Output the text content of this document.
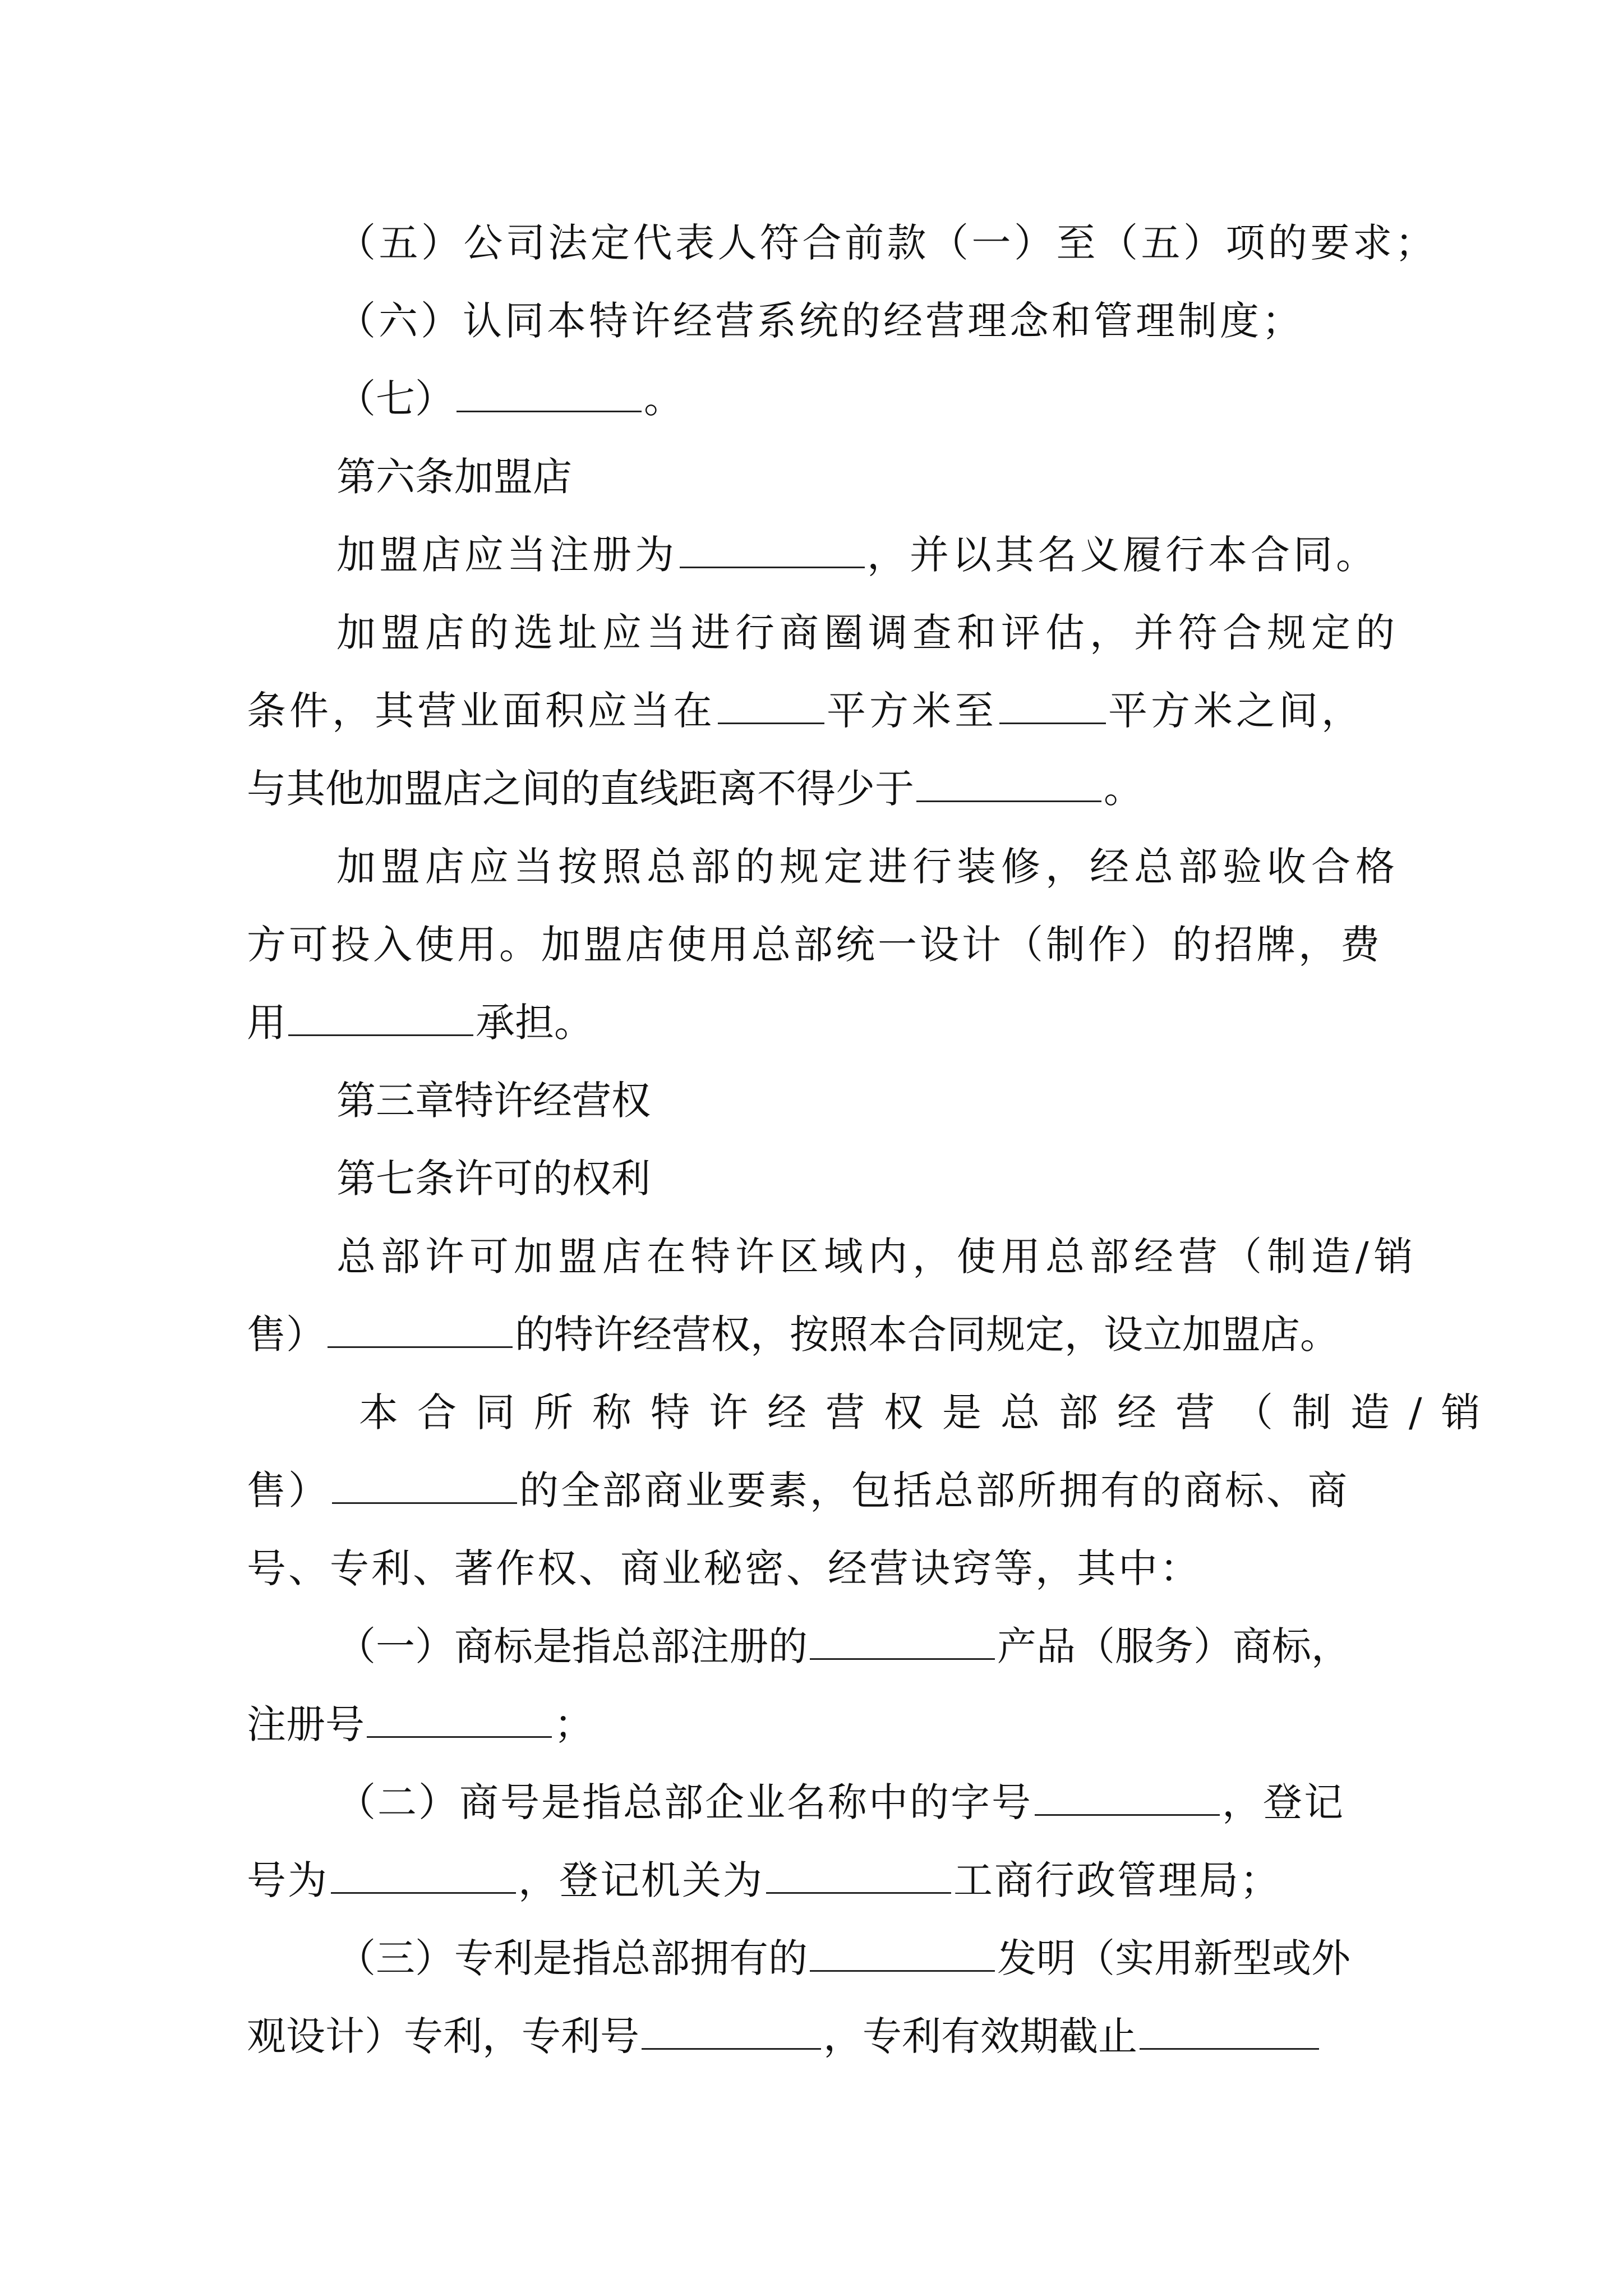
（五）公司法定代表人符合前款（一）至（五）项的要求；
（六）认同本特许经营系统的经营理念和管理制度；
（七）	。
第六条加盟店
加盟店应当注册为	，并以其名义履行本合同。
加盟店的选址应当进行商圈调查和评估，并符合规定的
条件，其营业面积应当在	平方米至	平方米之间，
与其他加盟店之间的直线距离不得少于	。
加盟店应当按照总部的规定进行装修，经总部验收合格
方可投入使用。加盟店使用总部统一设计（制作）的招牌，费
用	承担。
第三章特许经营权
第七条许可的权利
总部许可加盟店在特许区域内，使用总部经营（制造/销
售）	的特许经营权，按照本合同规定，设立加盟店。
本合同所称特许经营权是总部经营（制造/销
售）	的全部商业要素，包括总部所拥有的商标、商
号、专利、著作权、商业秘密、经营诀窍等，其中：
（一）商标是指总部注册的	产品（服务）商标，
注册号	；
（二）商号是指总部企业名称中的字号	，登记
号为	，登记机关为	工商行政管理局；
（三）专利是指总部拥有的	发明（实用新型或外
观设计）专利，专利号	，专利有效期截止
